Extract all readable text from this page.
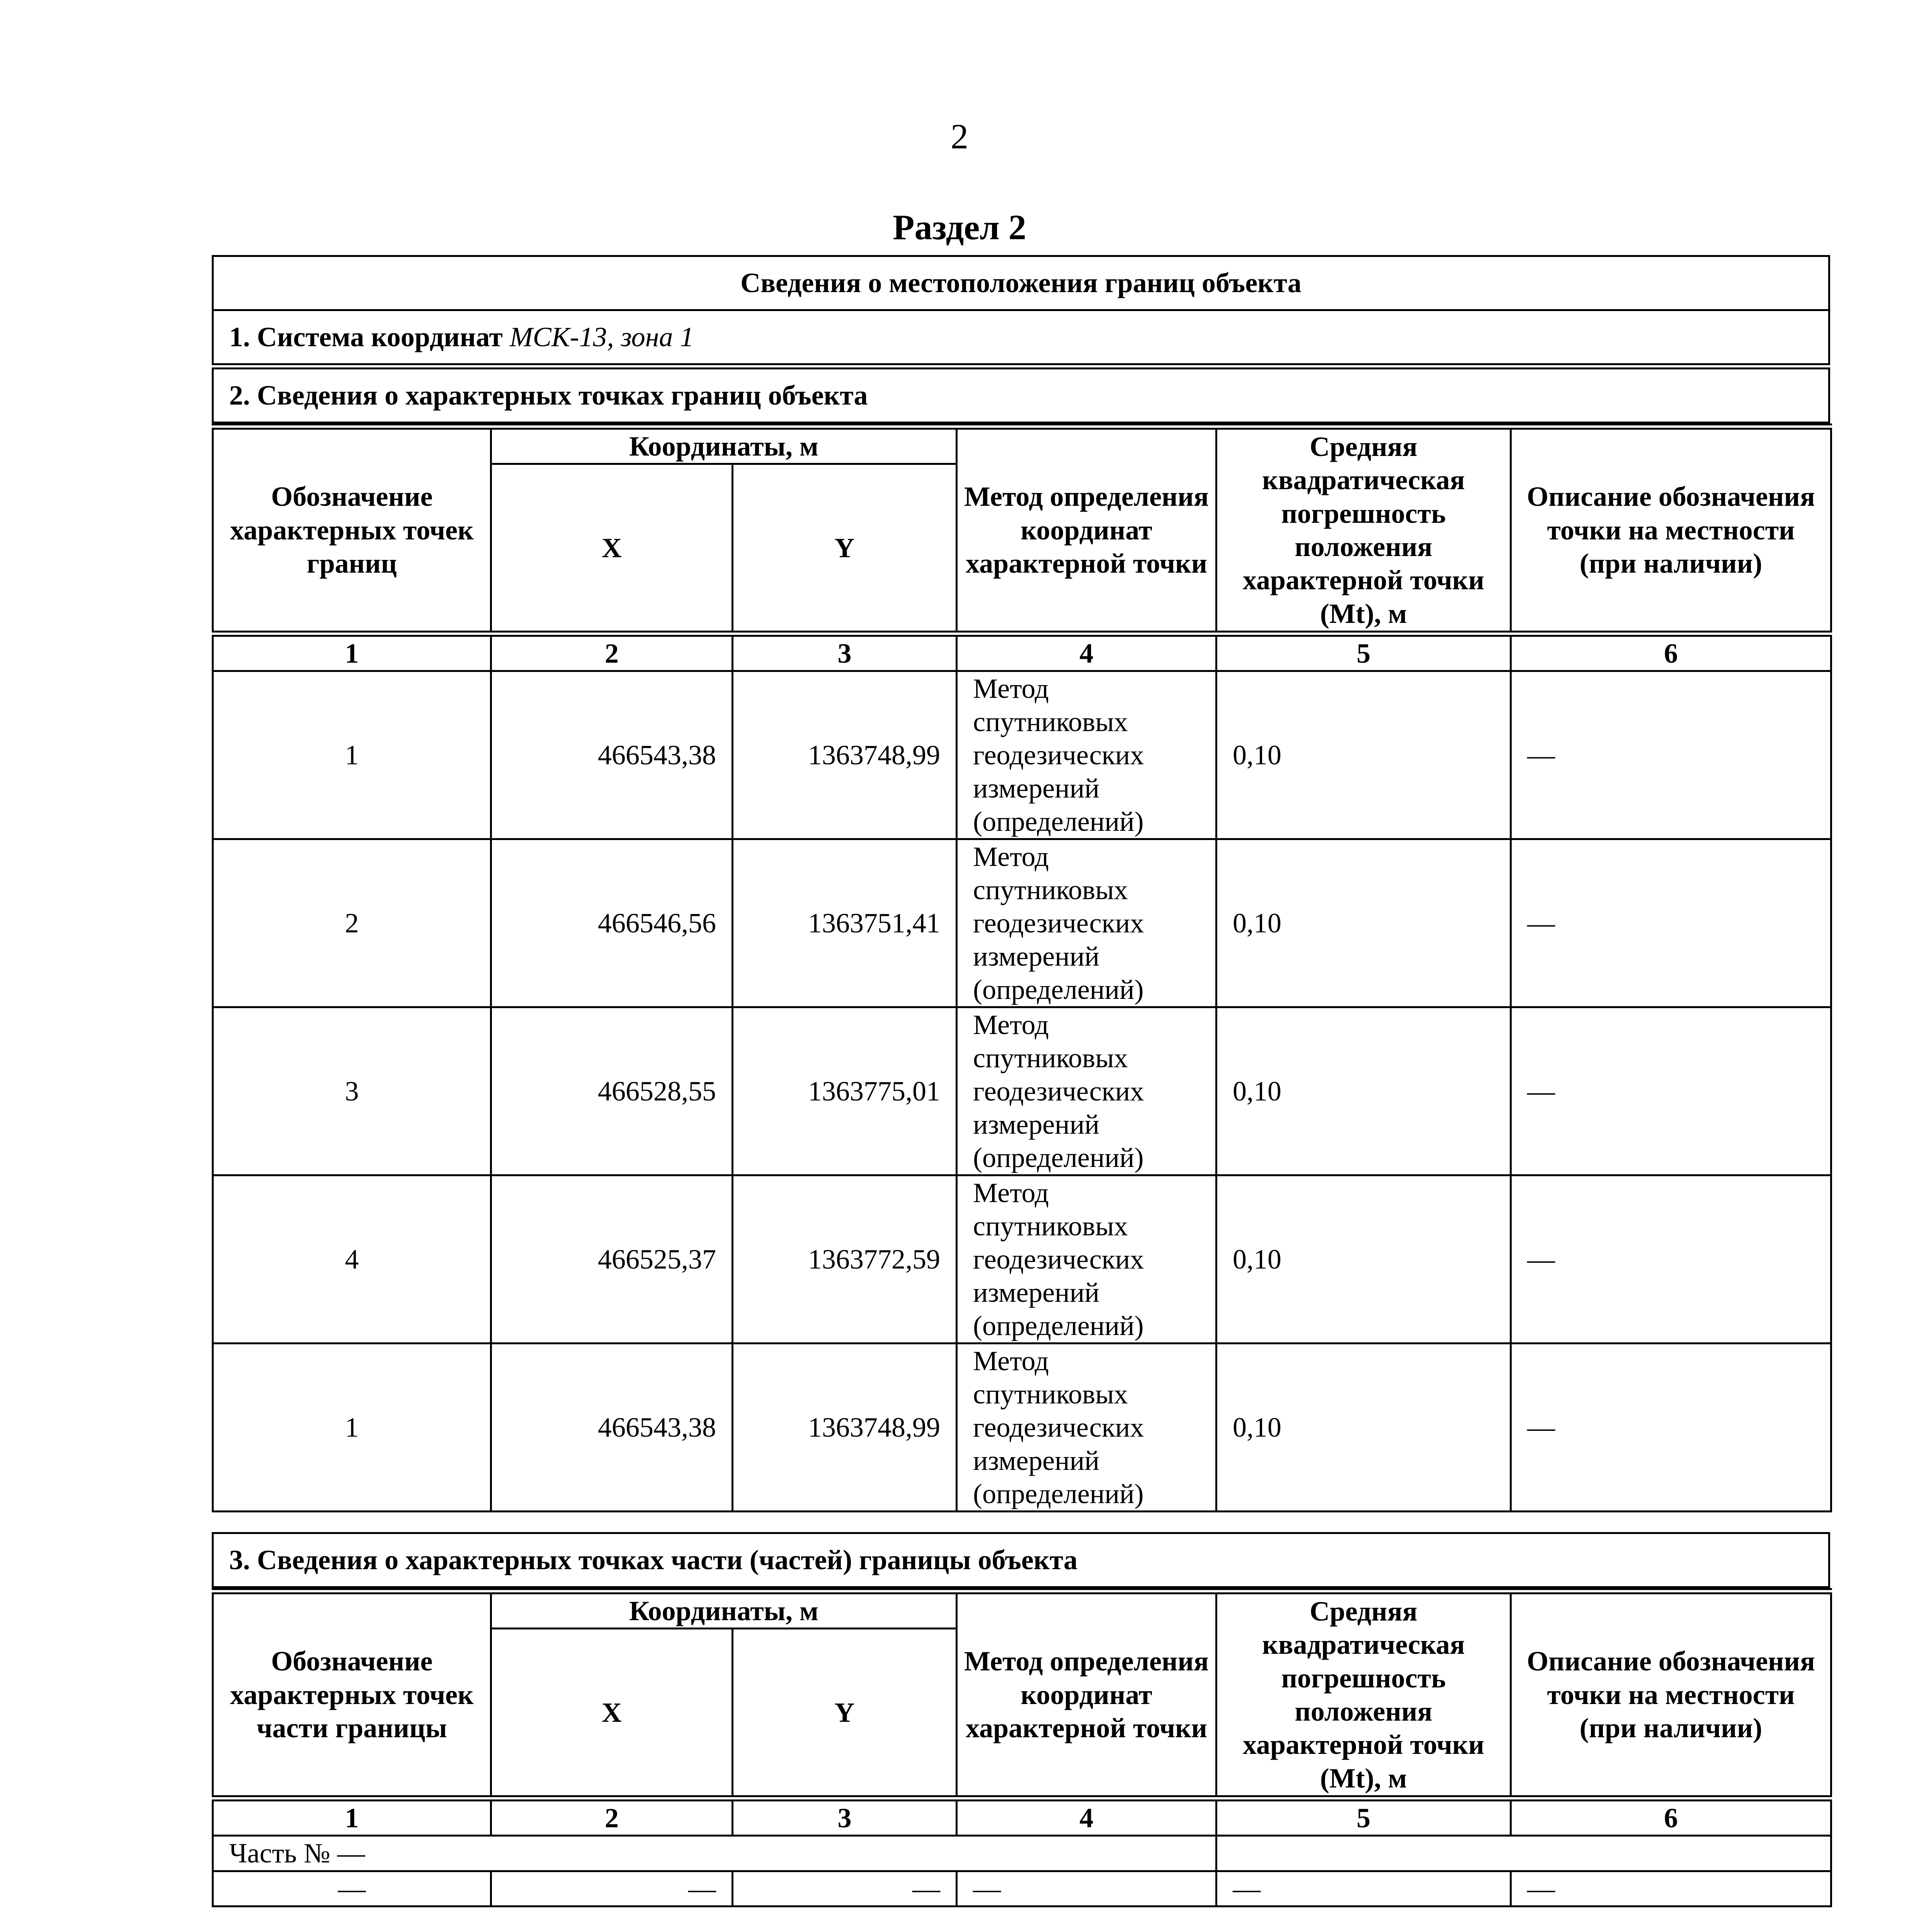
2
Раздел 2
Сведения о местоположения границ объекта
1. Система координат МСК-13, зона 1
2. Сведения о характерных точках границ объекта
Обозначение характерных точек границ	Координаты, м		Метод определения координат характерной точки	Средняя квадратическая погрешность положения характерной точки
(Mt), м	Описание обозначения точки на местности (при наличии)
	X	Y			
1	2	3	4	5	6
1	466543,38	1363748,99	Метод спутниковых геодезических измерений (определений)	0,10	—
2	466546,56	1363751,41	Метод спутниковых геодезических измерений (определений)	0,10	—
3	466528,55	1363775,01	Метод спутниковых геодезических измерений (определений)	0,10	—
4	466525,37	1363772,59	Метод спутниковых геодезических измерений (определений)	0,10	—
1	466543,38	1363748,99	Метод спутниковых геодезических измерений (определений)	0,10	—
3. Сведения о характерных точках части (частей) границы объекта
Обозначение характерных точек части границы	Координаты, м		Метод определения координат характерной точки	Средняя квадратическая погрешность положения характерной точки
(Mt), м	Описание обозначения точки на местности (при наличии)
	X	Y			
1	2	3	4	5	6
Часть № —					
—	—	—	—	—	—
